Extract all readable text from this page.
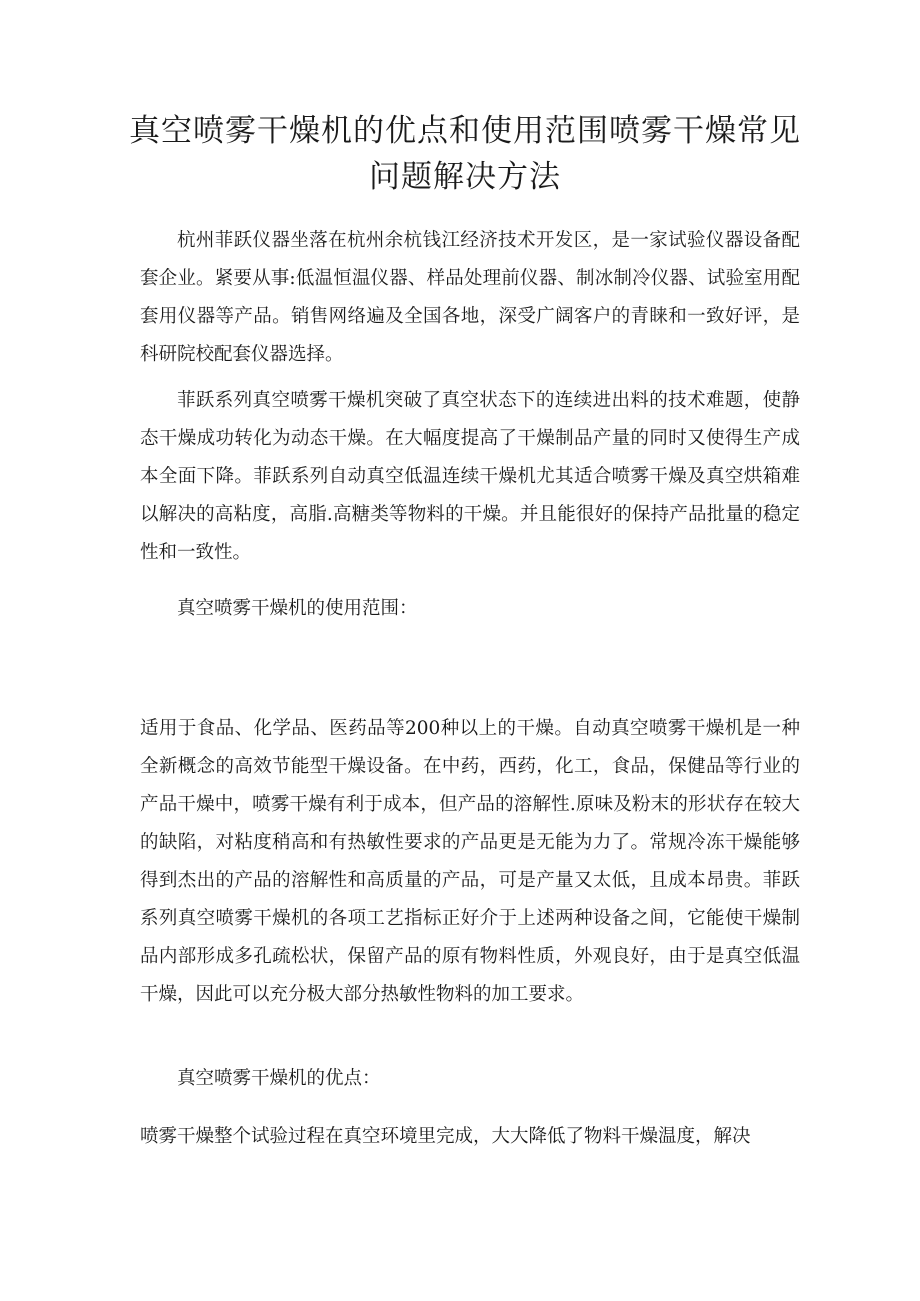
真空喷雾干燥机的优点和使用范围喷雾干燥常见问题解决方法

杭州菲跃仪器坐落在杭州余杭钱江经济技术开发区，是一家试验仪器设备配套企业。紧要从事:低温恒温仪器、样品处理前仪器、制冰制冷仪器、试验室用配套用仪器等产品。销售网络遍及全国各地，深受广阔客户的青睐和一致好评，是科研院校配套仪器选择。

菲跃系列真空喷雾干燥机突破了真空状态下的连续进出料的技术难题，使静态干燥成功转化为动态干燥。在大幅度提高了干燥制品产量的同时又使得生产成本全面下降。菲跃系列自动真空低温连续干燥机尤其适合喷雾干燥及真空烘箱难以解决的高粘度，高脂.高糖类等物料的干燥。并且能很好的保持产品批量的稳定性和一致性。

真空喷雾干燥机的使用范围：

适用于食品、化学品、医药品等200种以上的干燥。自动真空喷雾干燥机是一种全新概念的高效节能型干燥设备。在中药，西药，化工，食品，保健品等行业的产品干燥中，喷雾干燥有利于成本，但产品的溶解性.原味及粉末的形状存在较大的缺陷，对粘度稍高和有热敏性要求的产品更是无能为力了。常规冷冻干燥能够得到杰出的产品的溶解性和高质量的产品，可是产量又太低，且成本昂贵。菲跃系列真空喷雾干燥机的各项工艺指标正好介于上述两种设备之间，它能使干燥制品内部形成多孔疏松状，保留产品的原有物料性质，外观良好，由于是真空低温干燥，因此可以充分极大部分热敏性物料的加工要求。

真空喷雾干燥机的优点：

喷雾干燥整个试验过程在真空环境里完成，大大降低了物料干燥温度，解决
